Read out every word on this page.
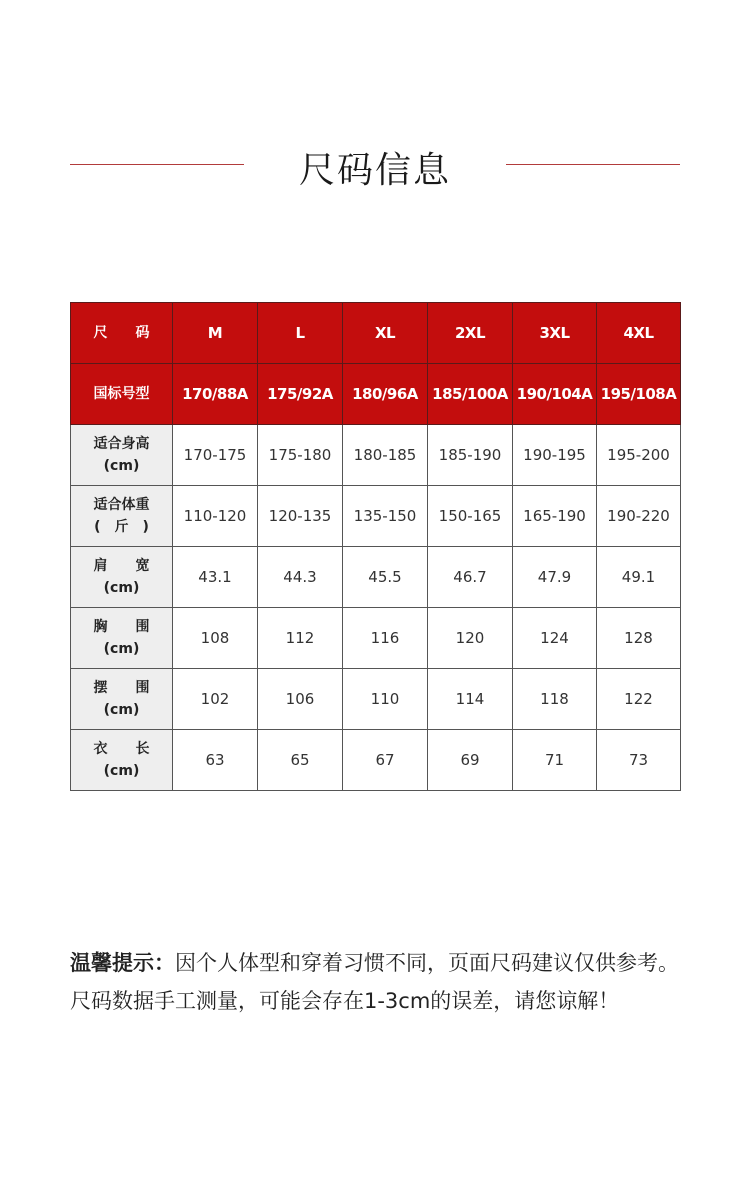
尺码信息
尺　　码	M	L	XL	2XL	3XL	4XL
国标号型	170/88A	175/92A	180/96A	185/100A	190/104A	195/108A

适合身高
(cm)	170-175	175-180	180-185	185-190	190-195	195-200

适合体重
(　斤　)	110-120	120-135	135-150	150-165	165-190	190-220

肩　　宽
(cm)	43.1	44.3	45.5	46.7	47.9	49.1

胸　　围
(cm)	108	112	116	120	124	128

摆　　围
(cm)	102	106	110	114	118	122

衣　　长
(cm)	63	65	67	69	71	73
温馨提示：因个人体型和穿着习惯不同，页面尺码建议仅供参考。尺码数据手工测量，可能会存在1-3cm的误差，请您谅解！
